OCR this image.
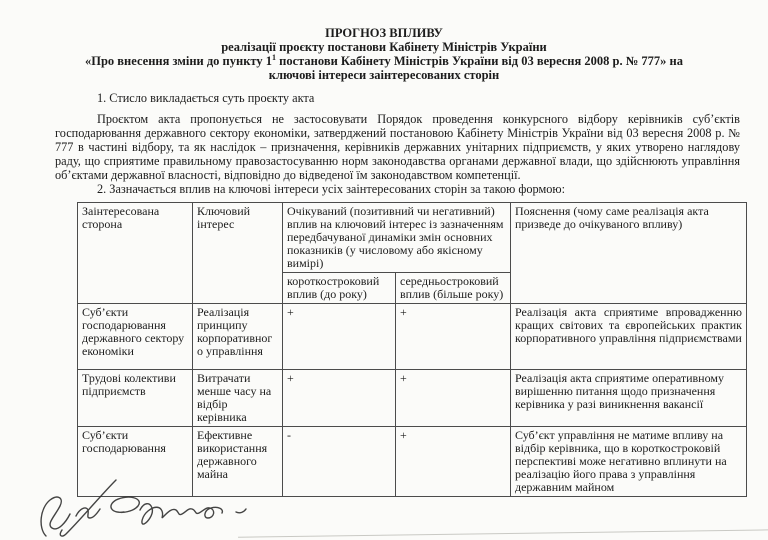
ПРОГНОЗ ВПЛИВУ
реалізації проєкту постанови Кабінету Міністрів України
«Про внесення зміни до пункту $1^1$ постанови Кабінету Міністрів України від 03 вересня 2008 р. № 777» на
ключові інтереси заінтересованих сторін
1. Стисло викладається суть проєкту акта
Проєктом акта пропонується не застосовувати Порядок проведення конкурсного відбору керівників суб’єктів господарювання державного сектору економіки, затверджений постановою Кабінету Міністрів України від 03 вересня 2008 р. № 777 в частині відбору, та як наслідок – призначення, керівників державних унітарних підприємств, у яких утворено наглядову раду, що сприятиме правильному правозастосуванню норм законодавства органами державної влади, що здійснюють управління об’єктами державної власності, відповідно до відведеної їм законодавством компетенції.
2. Зазначається вплив на ключові інтереси усіх заінтересованих сторін за такою формою:
Заінтересована сторона	Ключовий інтерес	Очікуваний (позитивний чи негативний) вплив на ключовий інтерес із зазначенням передбачуваної динаміки змін основних показників (у числовому або якісному вимірі)		Пояснення (чому саме реалізація акта призведе до очікуваного впливу)
		короткостроковий вплив (до року)	середньостроковий вплив (більше року)	
Суб’єкти господарювання державного сектору економіки	Реалізація принципу корпоративного управління	+	+	Реалізація акта сприятиме впровадженню кращих світових та європейських практик корпоративного управління підприємствами
Трудові колективи підприємств	Витрачати менше часу на відбір керівника	+	+	Реалізація акта сприятиме оперативному вирішенню питання щодо призначення керівника у разі виникнення вакансії
Суб’єкти господарювання	Ефективне використання державного майна	-	+	Суб’єкт управління не матиме впливу на відбір керівника, що в короткостроковій перспективі може негативно вплинути на реалізацію його права з управління державним майном
